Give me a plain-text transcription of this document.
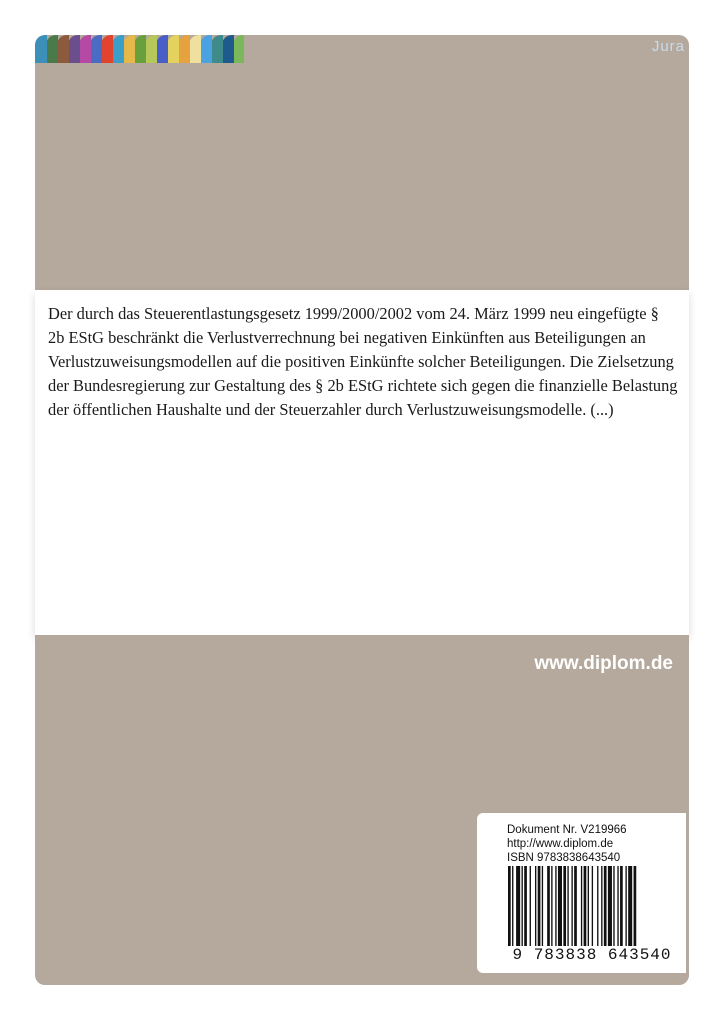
Jura

Der durch das Steuerentlastungsgesetz 1999/2000/2002 vom 24. März 1999 neu eingefügte § 2b EStG beschränkt die Verlustverrechnung bei negativen Einkünften aus Beteiligungen an Verlustzuweisungsmodellen auf die positiven Einkünfte solcher Beteiligungen. Die Zielsetzung der Bundesregierung zur Gestaltung des § 2b EStG richtete sich gegen die finanzielle Belastung der öffentlichen Haushalte und der Steuerzahler durch Verlustzuweisungsmodelle. (...)

www.diplom.de
Dokument Nr. V219966
http://www.diplom.de
ISBN 9783838643540
9 783838 643540
